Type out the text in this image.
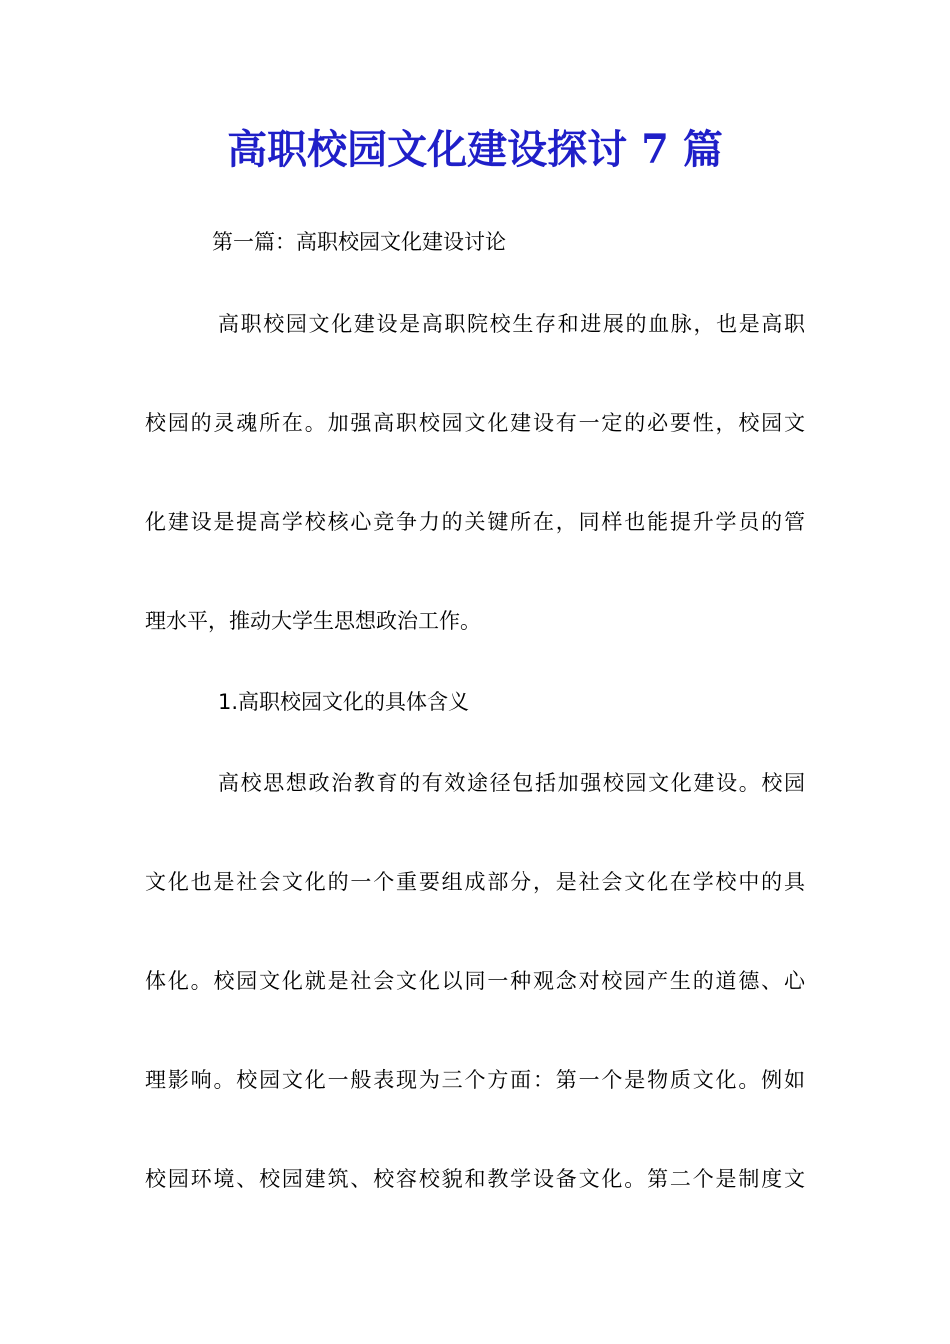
高职校园文化建设探讨 7 篇
第一篇：高职校园文化建设讨论
高职校园文化建设是高职院校生存和进展的血脉，也是高职
校园的灵魂所在。加强高职校园文化建设有一定的必要性，校园文
化建设是提高学校核心竞争力的关键所在，同样也能提升学员的管
理水平，推动大学生思想政治工作。
1.高职校园文化的具体含义
高校思想政治教育的有效途径包括加强校园文化建设。校园
文化也是社会文化的一个重要组成部分，是社会文化在学校中的具
体化。校园文化就是社会文化以同一种观念对校园产生的道德、心
理影响。校园文化一般表现为三个方面：第一个是物质文化。例如
校园环境、校园建筑、校容校貌和教学设备文化。第二个是制度文
